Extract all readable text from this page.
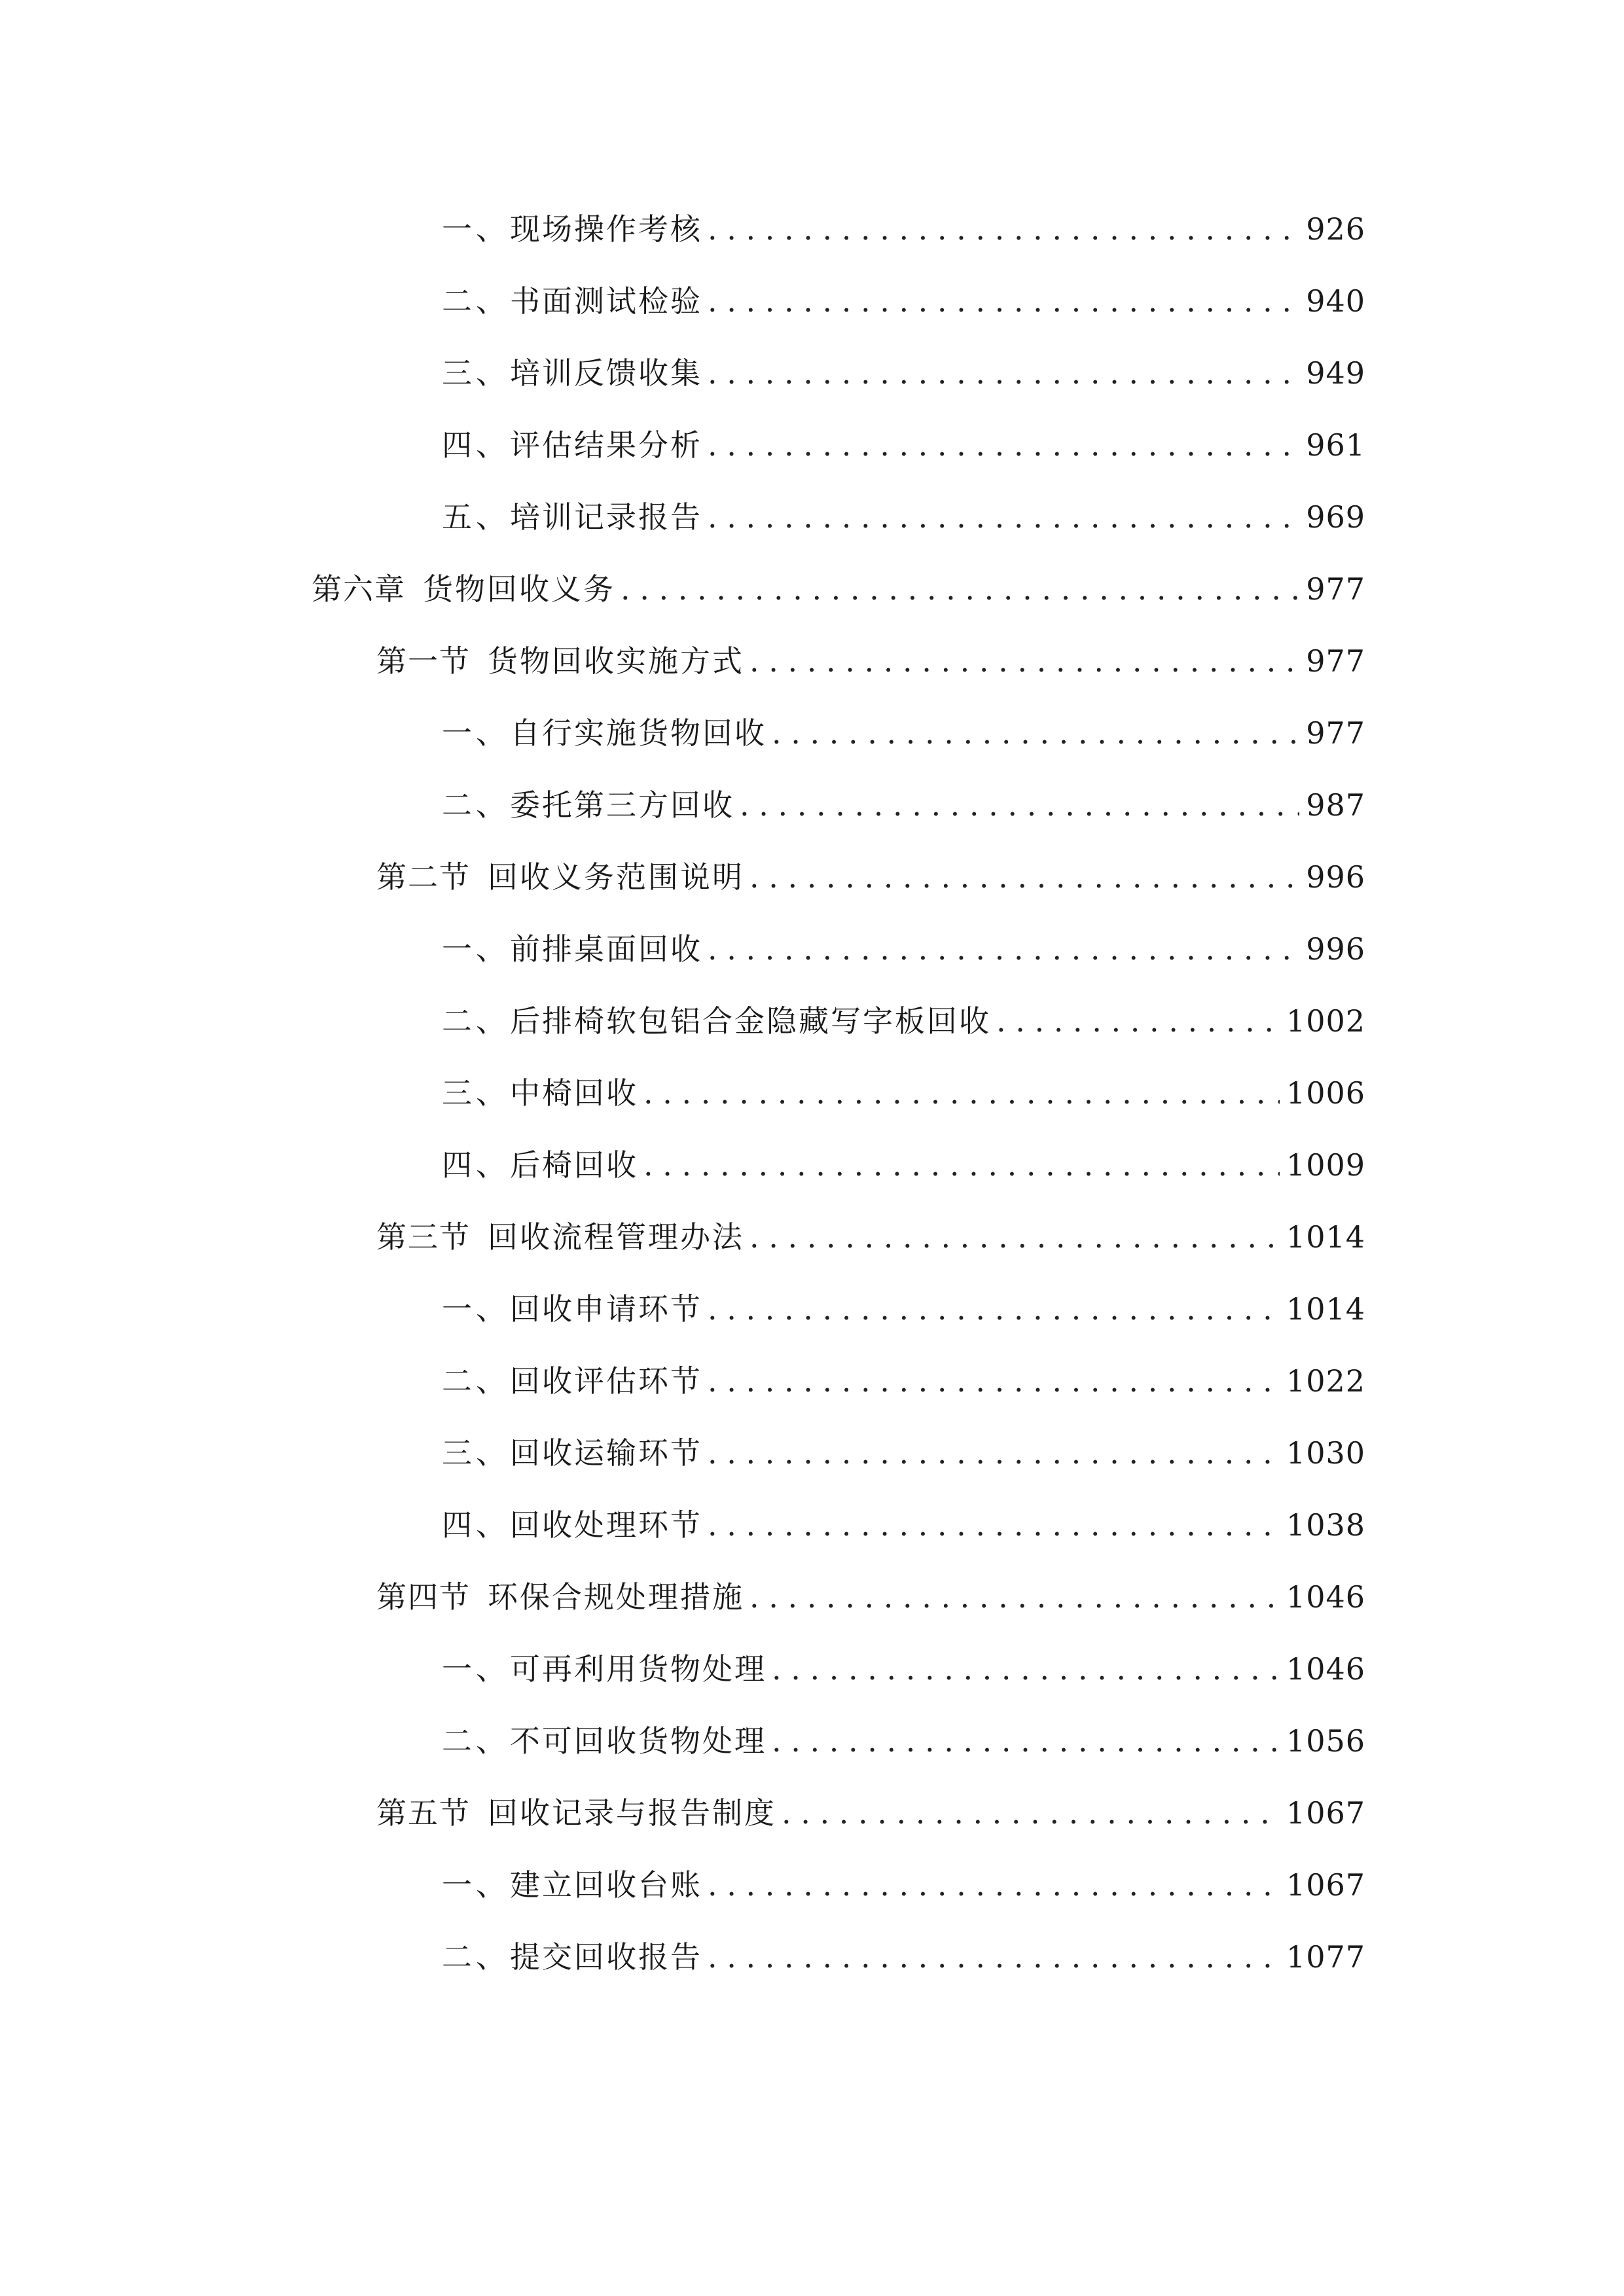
一、 现场操作考核 . . .	926
二、 书面测试检验 . . .	940
三、 培训反馈收集 . . .	949
四、 评估结果分析 . . .	961
五、 培训记录报告 . . .	969
第六章 货物回收义务 . . .	977
第一节 货物回收实施方式 . . .	977
一、 自行实施货物回收 . . .	977
二、 委托第三方回收 . . .	987
第二节 回收义务范围说明 . . .	996
一、 前排桌面回收 . . .	996
二、 后排椅软包铝合金隐藏写字板回收 . . .	1002
三、 中椅回收 . . .	1006
四、 后椅回收 . . .	1009
第三节 回收流程管理办法 . . .	1014
一、 回收申请环节 . . .	1014
二、 回收评估环节 . . .	1022
三、 回收运输环节 . . .	1030
四、 回收处理环节 . . .	1038
第四节 环保合规处理措施 . . .	1046
一、 可再利用货物处理 . . .	1046
二、 不可回收货物处理 . . .	1056
第五节 回收记录与报告制度 . . .	1067
一、 建立回收台账 . . .	1067
二、 提交回收报告 . . .	1077
